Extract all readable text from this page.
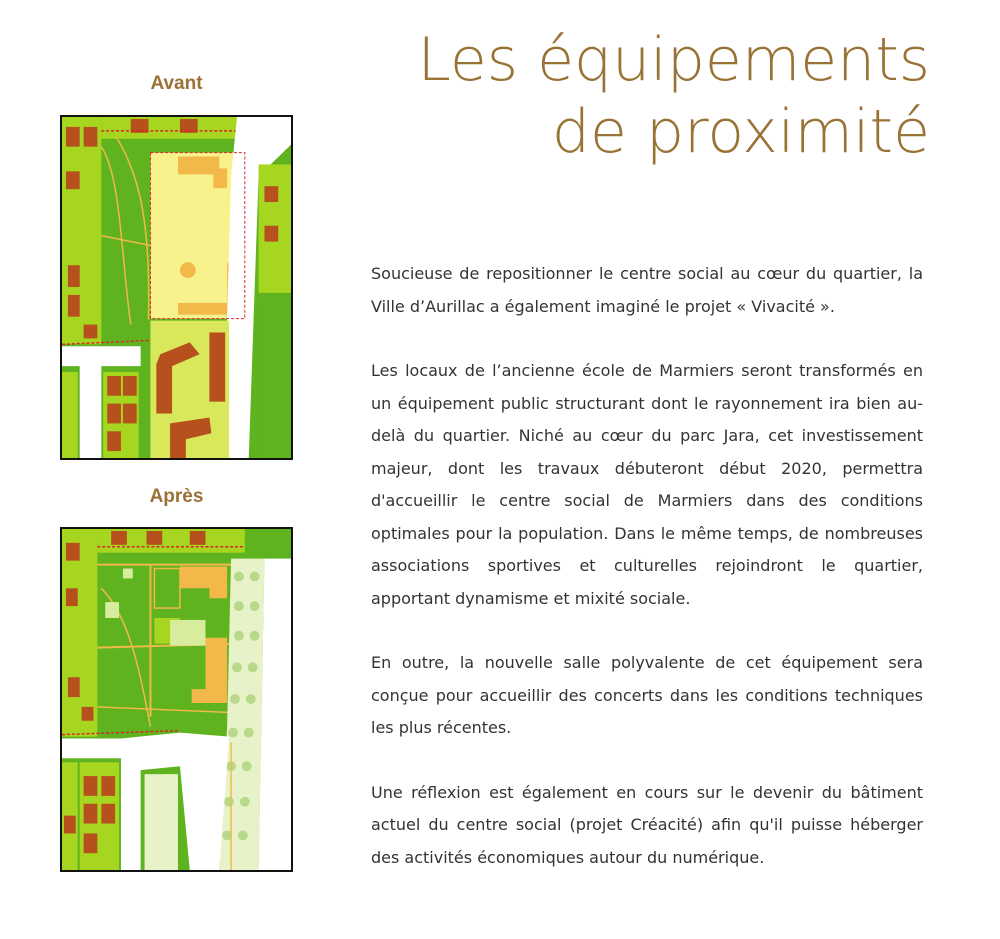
Les équipements
de proximité
Avant
Après

Soucieuse de repositionner le centre social au cœur du quartier, la Ville d’Aurillac a également imaginé le projet « Vivacité ».

Les locaux de l’ancienne école de Marmiers seront transformés en un équipement public structurant dont le rayonnement ira bien au-delà du quartier. Niché au cœur du parc Jara, cet investissement majeur, dont les travaux débuteront début 2020, permettra d'accueillir le centre social de Marmiers dans des conditions optimales pour la population. Dans le même temps, de nombreuses associations sportives et culturelles rejoindront le quartier, apportant dynamisme et mixité sociale.

En outre, la nouvelle salle polyvalente de cet équipement sera conçue pour accueillir des concerts dans les conditions techniques les plus récentes.

Une réflexion est également en cours sur le devenir du bâtiment actuel du centre social (projet Créacité) afin qu'il puisse héberger des activités économiques autour du numérique.
